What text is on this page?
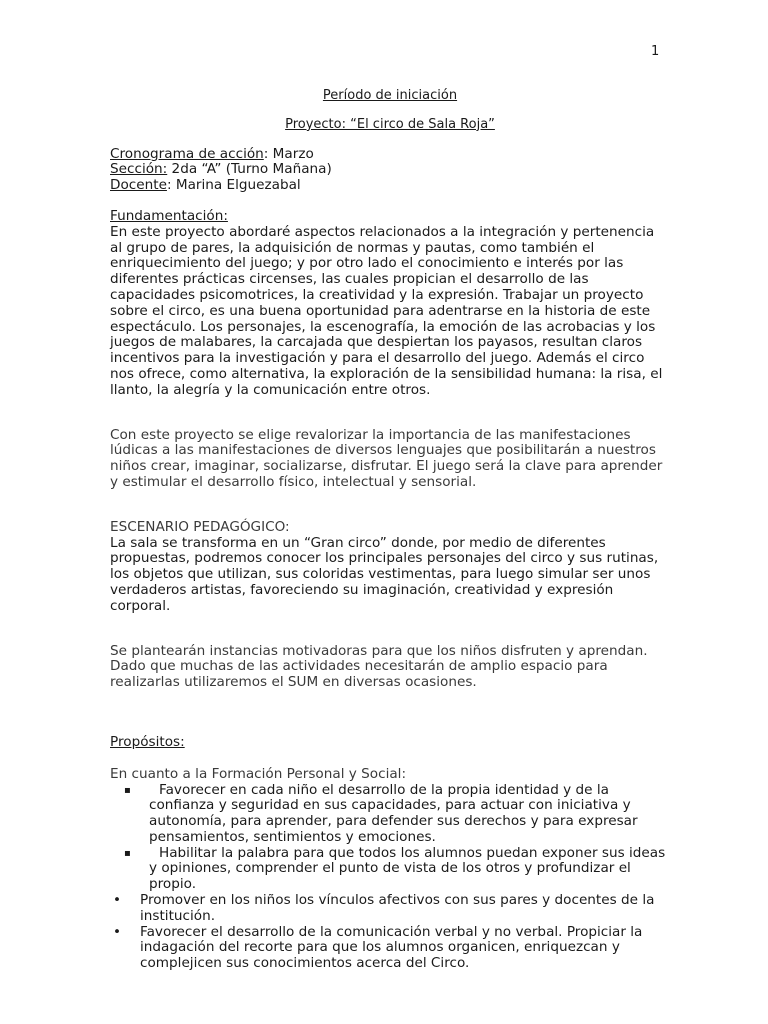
1

Período de iniciación

Proyecto: “El circo de Sala Roja”

Cronograma de acción: Marzo

Sección: 2da “A” (Turno Mañana)

Docente: Marina Elguezabal

Fundamentación:

En este proyecto abordaré aspectos relacionados a la integración y pertenencia al grupo de pares, la adquisición de normas y pautas, como también el enriquecimiento del juego; y por otro lado el conocimiento e interés por las diferentes prácticas circenses, las cuales propician el desarrollo de las capacidades psicomotrices, la creatividad y la expresión. Trabajar un proyecto sobre el circo, es una buena oportunidad para adentrarse en la historia de este espectáculo. Los personajes, la escenografía, la emoción de las acrobacias y los juegos de malabares, la carcajada que despiertan los payasos, resultan claros incentivos para la investigación y para el desarrollo del juego. Además el circo nos ofrece, como alternativa, la exploración de la sensibilidad humana: la risa, el llanto, la alegría y la comunicación entre otros.

Con este proyecto se elige revalorizar la importancia de las manifestaciones lúdicas a las manifestaciones de diversos lenguajes que posibilitarán a nuestros niños crear, imaginar, socializarse, disfrutar. El juego será la clave para aprender y estimular el desarrollo físico, intelectual y sensorial.

ESCENARIO PEDAGÓGICO:

La sala se transforma en un “Gran circo” donde, por medio de diferentes propuestas, podremos conocer los principales personajes del circo y sus rutinas, los objetos que utilizan, sus coloridas vestimentas, para luego simular ser unos verdaderos artistas, favoreciendo su imaginación, creatividad y expresión corporal.

Se plantearán instancias motivadoras para que los niños disfruten y aprendan. Dado que muchas de las actividades necesitarán de amplio espacio para realizarlas utilizaremos el SUM en diversas ocasiones.

Propósitos:

En cuanto a la Formación Personal y Social:

▪ Favorecer en cada niño el desarrollo de la propia identidad y de la confianza y seguridad en sus capacidades, para actuar con iniciativa y autonomía, para aprender, para defender sus derechos y para expresar pensamientos, sentimientos y emociones.
▪ Habilitar la palabra para que todos los alumnos puedan exponer sus ideas y opiniones, comprender el punto de vista de los otros y profundizar el propio.
• Promover en los niños los vínculos afectivos con sus pares y docentes de la institución.
• Favorecer el desarrollo de la comunicación verbal y no verbal. Propiciar la indagación del recorte para que los alumnos organicen, enriquezcan y complejicen sus conocimientos acerca del Circo.
